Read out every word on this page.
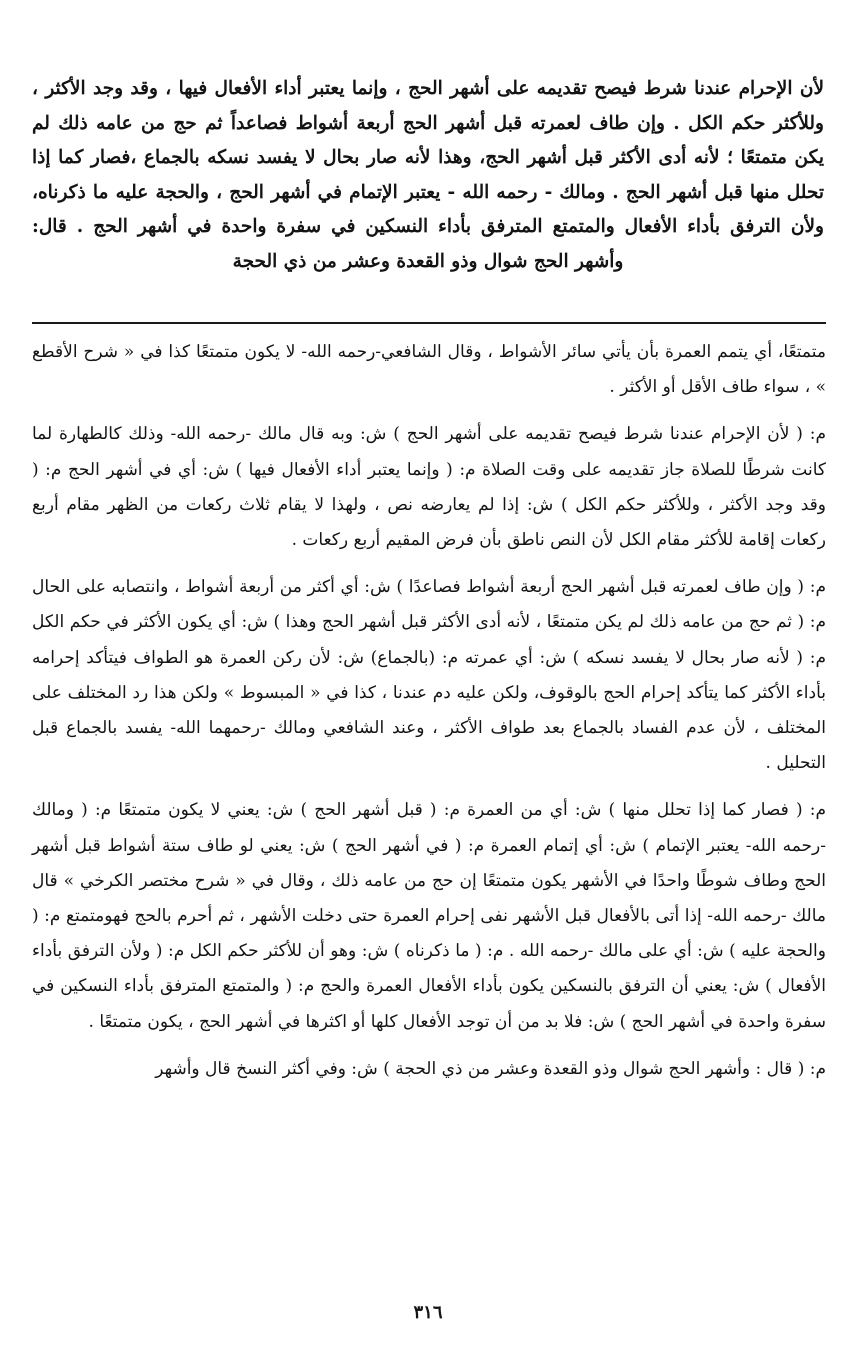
لأن الإحرام عندنا شرط فيصح تقديمه على أشهر الحج ، وإنما يعتبر أداء الأفعال فيها ، وقد وجد الأكثر ، وللأكثر حكم الكل . وإن طاف لعمرته قبل أشهر الحج أربعة أشواط فصاعداً ثم حج من عامه ذلك لم يكن متمتعًا ؛ لأنه أدى الأكثر قبل أشهر الحج، وهذا لأنه صار بحال لا يفسد نسكه بالجماع ،فصار كما إذا تحلل منها قبل أشهر الحج . ومالك - رحمه الله - يعتبر الإتمام في أشهر الحج ، والحجة عليه ما ذكرناه، ولأن الترفق بأداء الأفعال والمتمتع المترفق بأداء النسكين في سفرة واحدة في أشهر الحج . قال: وأشهر الحج شوال وذو القعدة وعشر من ذي الحجة

متمتعًا، أي يتمم العمرة بأن يأتي سائر الأشواط ، وقال الشافعي-رحمه الله- لا يكون متمتعًا كذا في « شرح الأقطع » ، سواء طاف الأقل أو الأكثر .

م: ( لأن الإحرام عندنا شرط فيصح تقديمه على أشهر الحج ) ش: وبه قال مالك -رحمه الله- وذلك كالطهارة لما كانت شرطًا للصلاة جاز تقديمه على وقت الصلاة م: ( وإنما يعتبر أداء الأفعال فيها ) ش: أي في أشهر الحج م: ( وقد وجد الأكثر ، وللأكثر حكم الكل ) ش: إذا لم يعارضه نص ، ولهذا لا يقام ثلاث ركعات من الظهر مقام أربع ركعات إقامة للأكثر مقام الكل لأن النص ناطق بأن فرض المقيم أربع ركعات .

م: ( وإن طاف لعمرته قبل أشهر الحج أربعة أشواط فصاعدًا ) ش: أي أكثر من أربعة أشواط ، وانتصابه على الحال م: ( ثم حج من عامه ذلك لم يكن متمتعًا ، لأنه أدى الأكثر قبل أشهر الحج وهذا ) ش: أي يكون الأكثر في حكم الكل م: ( لأنه صار بحال لا يفسد نسكه ) ش: أي عمرته م: (بالجماع) ش: لأن ركن العمرة هو الطواف فيتأكد إحرامه بأداء الأكثر كما يتأكد إحرام الحج بالوقوف، ولكن عليه دم عندنا ، كذا في « المبسوط » ولكن هذا رد المختلف على المختلف ، لأن عدم الفساد بالجماع بعد طواف الأكثر ، وعند الشافعي ومالك -رحمهما الله- يفسد بالجماع قبل التحليل .

م: ( فصار كما إذا تحلل منها ) ش: أي من العمرة م: ( قبل أشهر الحج ) ش: يعني لا يكون متمتعًا م: ( ومالك -رحمه الله- يعتبر الإتمام ) ش: أي إتمام العمرة م: ( في أشهر الحج ) ش: يعني لو طاف ستة أشواط قبل أشهر الحج وطاف شوطًا واحدًا في الأشهر يكون متمتعًا إن حج من عامه ذلك ، وقال في « شرح مختصر الكرخي » قال مالك -رحمه الله- إذا أتى بالأفعال قبل الأشهر نفى إحرام العمرة حتى دخلت الأشهر ، ثم أحرم بالحج فهومتمتع م: ( والحجة عليه ) ش: أي على مالك -رحمه الله . م: ( ما ذكرناه ) ش: وهو أن للأكثر حكم الكل م: ( ولأن الترفق بأداء الأفعال ) ش: يعني أن الترفق بالنسكين يكون بأداء الأفعال العمرة والحج م: ( والمتمتع المترفق بأداء النسكين في سفرة واحدة في أشهر الحج ) ش: فلا بد من أن توجد الأفعال كلها أو اكثرها في أشهر الحج ، يكون متمتعًا .

م: ( قال : وأشهر الحج شوال وذو القعدة وعشر من ذي الحجة ) ش: وفي أكثر النسخ قال وأشهر

٣١٦
